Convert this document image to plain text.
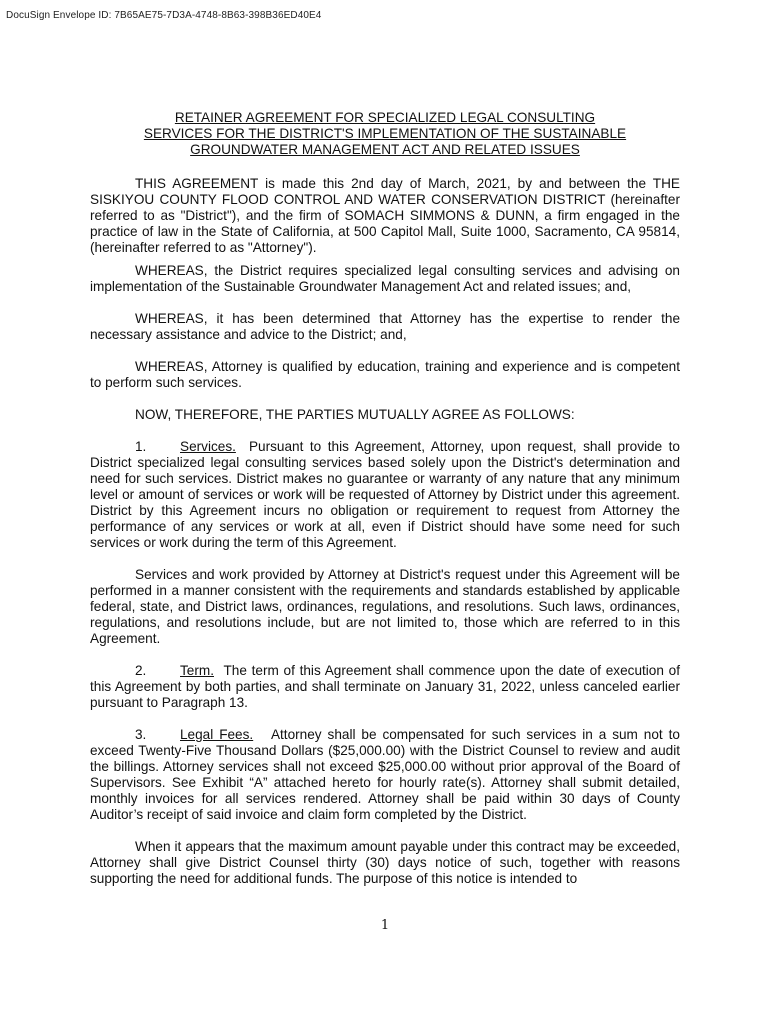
DocuSign Envelope ID: 7B65AE75-7D3A-4748-8B63-398B36ED40E4
RETAINER AGREEMENT FOR SPECIALIZED LEGAL CONSULTING
SERVICES FOR THE DISTRICT'S IMPLEMENTATION OF THE SUSTAINABLE
GROUNDWATER MANAGEMENT ACT AND RELATED ISSUES

THIS AGREEMENT is made this 2nd day of March, 2021, by and between the THE SISKIYOU COUNTY FLOOD CONTROL AND WATER CONSERVATION DISTRICT (hereinafter referred to as "District"), and the firm of SOMACH SIMMONS & DUNN, a firm engaged in the practice of law in the State of California, at 500 Capitol Mall, Suite 1000, Sacramento, CA 95814, (hereinafter referred to as "Attorney").

WHEREAS, the District requires specialized legal consulting services and advising on implementation of the Sustainable Groundwater Management Act and related issues; and,

WHEREAS, it has been determined that Attorney has the expertise to render the necessary assistance and advice to the District; and,

WHEREAS, Attorney is qualified by education, training and experience and is competent to perform such services.

NOW, THEREFORE, THE PARTIES MUTUALLY AGREE AS FOLLOWS:

1. Services. Pursuant to this Agreement, Attorney, upon request, shall provide to District specialized legal consulting services based solely upon the District's determination and need for such services. District makes no guarantee or warranty of any nature that any minimum level or amount of services or work will be requested of Attorney by District under this agreement. District by this Agreement incurs no obligation or requirement to request from Attorney the performance of any services or work at all, even if District should have some need for such services or work during the term of this Agreement.

Services and work provided by Attorney at District's request under this Agreement will be performed in a manner consistent with the requirements and standards established by applicable federal, state, and District laws, ordinances, regulations, and resolutions. Such laws, ordinances, regulations, and resolutions include, but are not limited to, those which are referred to in this Agreement.

2. Term. The term of this Agreement shall commence upon the date of execution of this Agreement by both parties, and shall terminate on January 31, 2022, unless canceled earlier pursuant to Paragraph 13.

3. Legal Fees. Attorney shall be compensated for such services in a sum not to exceed Twenty-Five Thousand Dollars ($25,000.00) with the District Counsel to review and audit the billings. Attorney services shall not exceed $25,000.00 without prior approval of the Board of Supervisors. See Exhibit “A” attached hereto for hourly rate(s). Attorney shall submit detailed, monthly invoices for all services rendered. Attorney shall be paid within 30 days of County Auditor’s receipt of said invoice and claim form completed by the District.

When it appears that the maximum amount payable under this contract may be exceeded, Attorney shall give District Counsel thirty (30) days notice of such, together with reasons supporting the need for additional funds. The purpose of this notice is intended to

1
